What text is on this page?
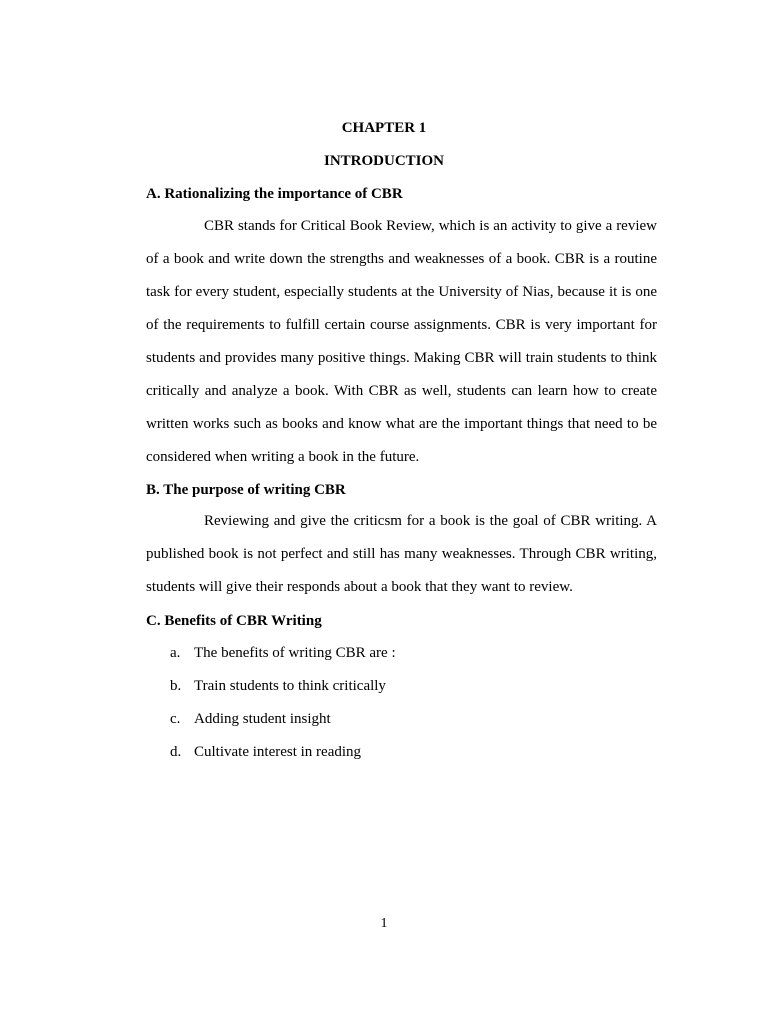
CHAPTER 1
INTRODUCTION
A. Rationalizing the importance of CBR

CBR stands for Critical Book Review, which is an activity to give a review of a book and write down the strengths and weaknesses of a book. CBR is a routine task for every student, especially students at the University of Nias, because it is one of the requirements to fulfill certain course assignments. CBR is very important for students and provides many positive things. Making CBR will train students to think critically and analyze a book. With CBR as well, students can learn how to create written works such as books and know what are the important things that need to be considered when writing a book in the future.

B. The purpose of writing CBR

Reviewing and give the criticsm for a book is the goal of CBR writing. A published book is not perfect and still has many weaknesses. Through CBR writing, students will give their responds about a book that they want to review.

C. Benefits of CBR Writing
a. The benefits of writing CBR are :
b. Train students to think critically
c. Adding student insight
d. Cultivate interest in reading
1
